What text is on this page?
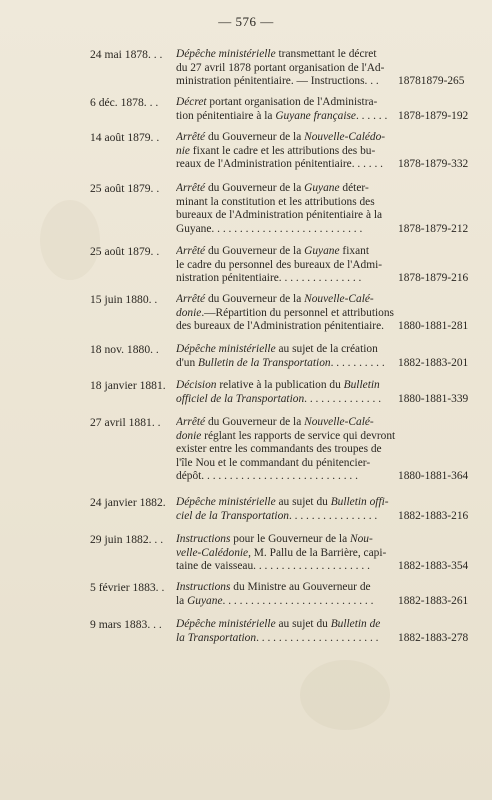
— 576 —
24 mai 1878. . . Dépêche ministérielle transmettant le décret
du 27 avril 1878 portant organisation de l'Ad-
ministration pénitentiaire. — Instructions. . .	18781879-265
6 déc. 1878. . . Décret portant organisation de l'Administra-
tion pénitentiaire à la Guyane française. . . . . . 1878-1879-192
14 août 1879. . Arrêté du Gouverneur de la Nouvelle-Calédo-
nie fixant le cadre et les attributions des bu-
reaux de l'Administration pénitentiaire. . . . . .	1878-1879-332
25 août 1879. . Arrêté du Gouverneur de la Guyane déter-
minant la constitution et les attributions des
bureaux de l'Administration pénitentiaire à la
Guyane. . . . . . . . . . . . . . . . . . . . . . . . . . .	1878-1879-212
25 août 1879. . Arrêté du Gouverneur de la Guyane fixant
le cadre du personnel des bureaux de l'Admi-
nistration pénitentiaire. . . . . . . . . . . . . . .	1878-1879-216
15 juin 1880. . Arrêté du Gouverneur de la Nouvelle-Calé-
donie.—Répartition du personnel et attributions
des bureaux de l'Administration pénitentiaire.	1880-1881-281
18 nov. 1880. . Dépêche ministérielle au sujet de la création
d'un Bulletin de la Transportation. . . . . . . . . .	1882-1883-201
18 janvier 1881. Décision relative à la publication du Bulletin
officiel de la Transportation. . . . . . . . . . . . . .	1880-1881-339
27 avril 1881. . Arrêté du Gouverneur de la Nouvelle-Calé-
donie réglant les rapports de service qui devront
exister entre les commandants des troupes de
l'île Nou et le commandant du pénitencier-
dépôt. . . . . . . . . . . . . . . . . . . . . . . . . . . .	1880-1881-364
24 janvier 1882. Dépêche ministérielle au sujet du Bulletin offi-
ciel de la Transportation. . . . . . . . . . . . . . . .	1882-1883-216
29 juin 1882. . . Instructions pour le Gouverneur de la Nou-
velle-Calédonie, M. Pallu de la Barrière, capi-
taine de vaisseau. . . . . . . . . . . . . . . . . . . . .	1882-1883-354
5 février 1883. . Instructions du Ministre au Gouverneur de
la Guyane. . . . . . . . . . . . . . . . . . . . . . . . . . .	1882-1883-261
9 mars 1883. . . Dépêche ministérielle au sujet du Bulletin de
la Transportation. . . . . . . . . . . . . . . . . . . . . .	1882-1883-278
